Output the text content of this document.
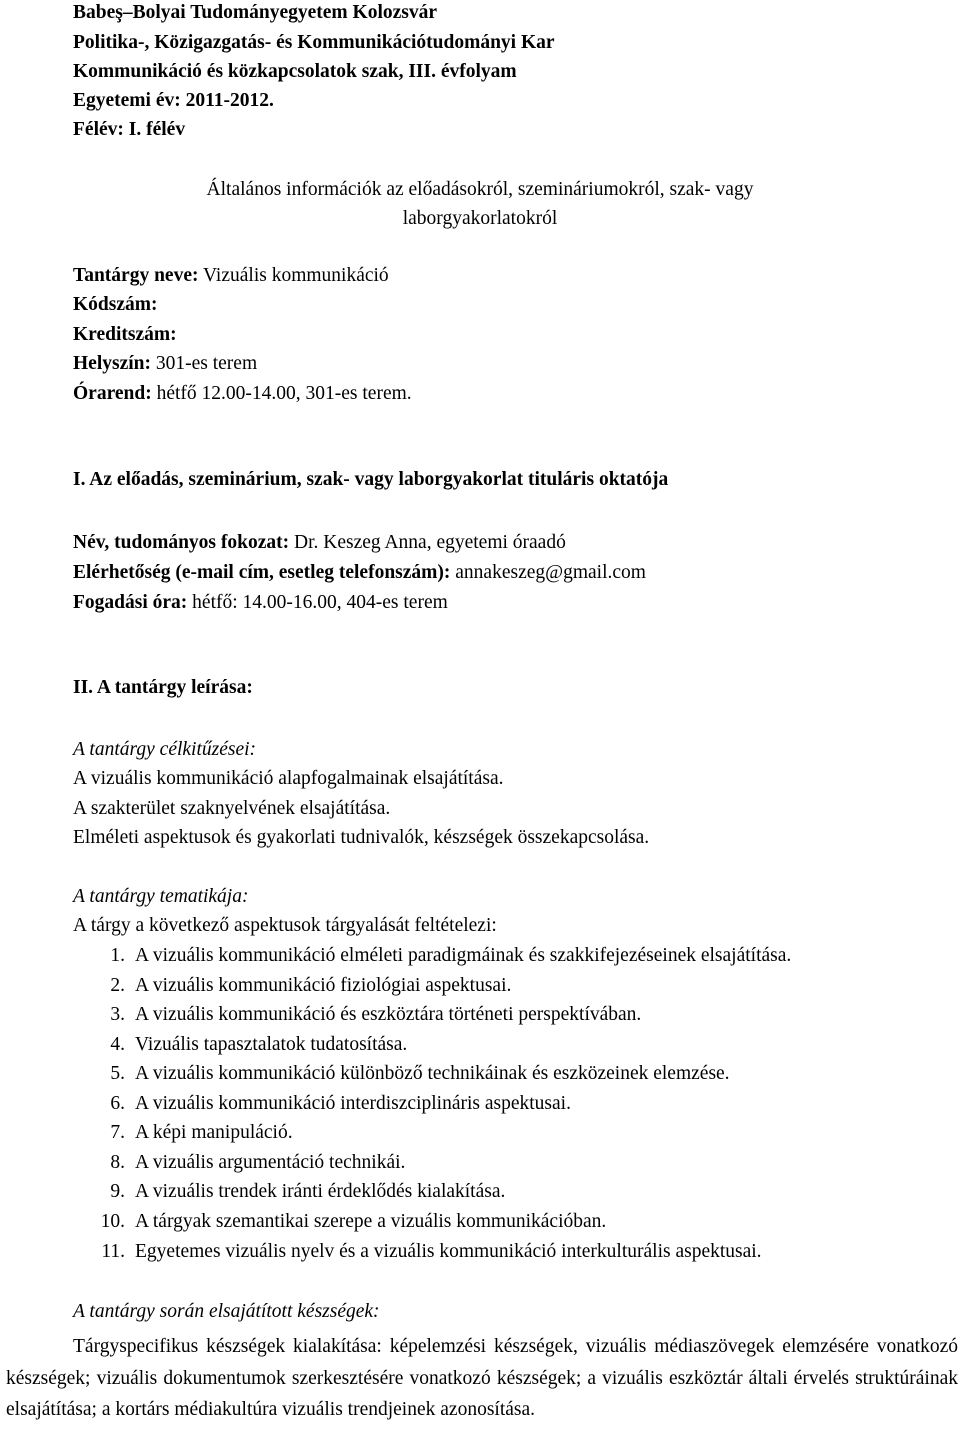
Babeş–Bolyai Tudományegyetem Kolozsvár
Politika-, Közigazgatás- és Kommunikációtudományi Kar
Kommunikáció és közkapcsolatok szak, III. évfolyam
Egyetemi év: 2011-2012.
Félév: I. félév
Általános információk az előadásokról, szemináriumokról, szak- vagy
laborgyakorlatokról
Tantárgy neve: Vizuális kommunikáció
Kódszám:
Kreditszám:
Helyszín: 301-es terem
Órarend: hétfő 12.00-14.00, 301-es terem.
I. Az előadás, szeminárium, szak- vagy laborgyakorlat tituláris oktatója
Név, tudományos fokozat: Dr. Keszeg Anna, egyetemi óraadó
Elérhetőség (e-mail cím, esetleg telefonszám): annakeszeg@gmail.com
Fogadási óra: hétfő: 14.00-16.00, 404-es terem
II. A tantárgy leírása:
A tantárgy célkitűzései:
A vizuális kommunikáció alapfogalmainak elsajátítása.
A szakterület szaknyelvének elsajátítása.
Elméleti aspektusok és gyakorlati tudnivalók, készségek összekapcsolása.
A tantárgy tematikája:
A tárgy a következő aspektusok tárgyalását feltételezi:
1. A vizuális kommunikáció elméleti paradigmáinak és szakkifejezéseinek elsajátítása.
2. A vizuális kommunikáció fiziológiai aspektusai.
3. A vizuális kommunikáció és eszköztára történeti perspektívában.
4. Vizuális tapasztalatok tudatosítása.
5. A vizuális kommunikáció különböző technikáinak és eszközeinek elemzése.
6. A vizuális kommunikáció interdiszciplináris aspektusai.
7. A képi manipuláció.
8. A vizuális argumentáció technikái.
9. A vizuális trendek iránti érdeklődés kialakítása.
10. A tárgyak szemantikai szerepe a vizuális kommunikációban.
11. Egyetemes vizuális nyelv és a vizuális kommunikáció interkulturális aspektusai.
A tantárgy során elsajátított készségek:
Tárgyspecifikus készségek kialakítása: képelemzési készségek, vizuális médiaszövegek elemzésére vonatkozó készségek; vizuális dokumentumok szerkesztésére vonatkozó készségek; a vizuális eszköztár általi érvelés struktúráinak elsajátítása; a kortárs médiakultúra vizuális trendjeinek azonosítása.
